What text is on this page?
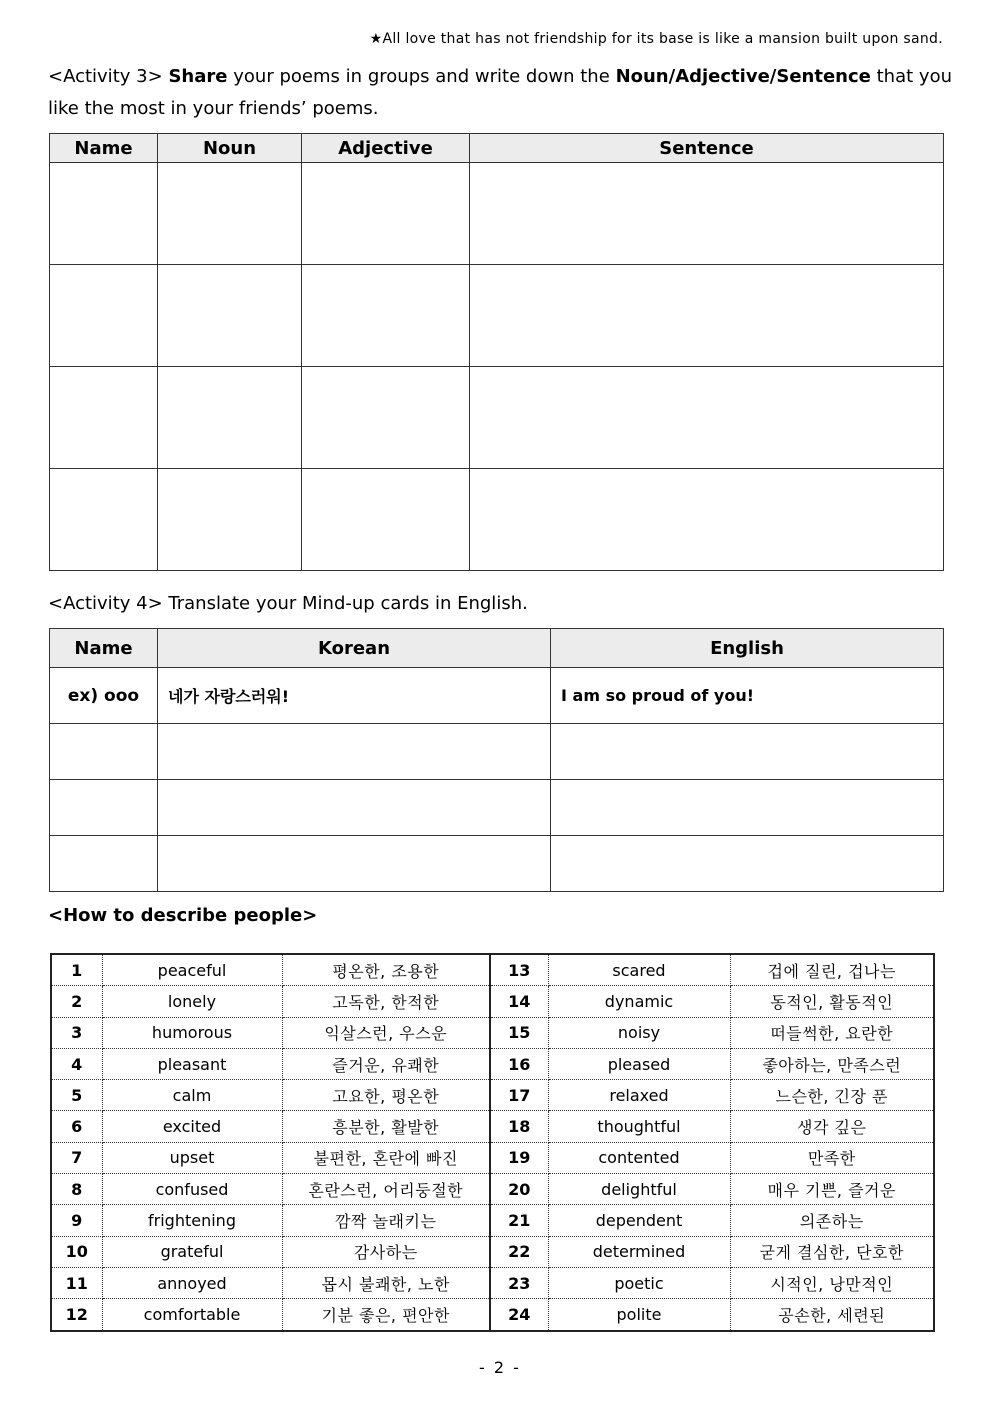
★All love that has not friendship for its base is like a mansion built upon sand.
<Activity 3> Share your poems in groups and write down the Noun/Adjective/Sentence that you like the most in your friends’ poems.
Name	Noun	Adjective	Sentence

<Activity 4> Translate your Mind-up cards in English.
Name	Korean	English
ex) ooo	네가 자랑스러워!	I am so proud of you!

<How to describe people>
1	peaceful	평온한, 조용한	13	scared	겁에 질린, 겁나는
2	lonely	고독한, 한적한	14	dynamic	동적인, 활동적인
3	humorous	익살스런, 우스운	15	noisy	떠들썩한, 요란한
4	pleasant	즐거운, 유쾌한	16	pleased	좋아하는, 만족스런
5	calm	고요한, 평온한	17	relaxed	느슨한, 긴장 푼
6	excited	흥분한, 활발한	18	thoughtful	생각 깊은
7	upset	불편한, 혼란에 빠진	19	contented	만족한
8	confused	혼란스런, 어리둥절한	20	delightful	매우 기쁜, 즐거운
9	frightening	깜짝 놀래키는	21	dependent	의존하는
10	grateful	감사하는	22	determined	굳게 결심한, 단호한
11	annoyed	몹시 불쾌한, 노한	23	poetic	시적인, 낭만적인
12	comfortable	기분 좋은, 편안한	24	polite	공손한, 세련된
- 2 -
